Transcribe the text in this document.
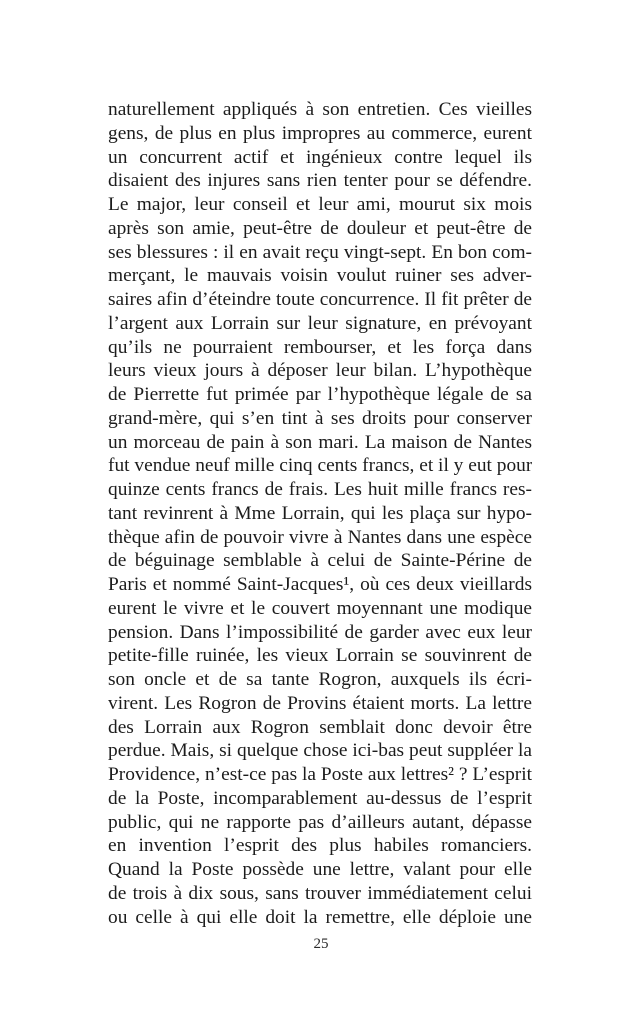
naturellement appliqués à son entretien. Ces vieilles
gens, de plus en plus impropres au commerce, eurent
un concurrent actif et ingénieux contre lequel ils
disaient des injures sans rien tenter pour se défendre.
Le major, leur conseil et leur ami, mourut six mois
après son amie, peut-être de douleur et peut-être de
ses blessures : il en avait reçu vingt-sept. En bon com-
merçant, le mauvais voisin voulut ruiner ses adver-
saires afin d’éteindre toute concurrence. Il fit prêter de
l’argent aux Lorrain sur leur signature, en prévoyant
qu’ils ne pourraient rembourser, et les força dans
leurs vieux jours à déposer leur bilan. L’hypothèque
de Pierrette fut primée par l’hypothèque légale de sa
grand-mère, qui s’en tint à ses droits pour conserver
un morceau de pain à son mari. La maison de Nantes
fut vendue neuf mille cinq cents francs, et il y eut pour
quinze cents francs de frais. Les huit mille francs res-
tant revinrent à Mme Lorrain, qui les plaça sur hypo-
thèque afin de pouvoir vivre à Nantes dans une espèce
de béguinage semblable à celui de Sainte-Périne de
Paris et nommé Saint-Jacques¹, où ces deux vieillards
eurent le vivre et le couvert moyennant une modique
pension. Dans l’impossibilité de garder avec eux leur
petite-fille ruinée, les vieux Lorrain se souvinrent de
son oncle et de sa tante Rogron, auxquels ils écri-
virent. Les Rogron de Provins étaient morts. La lettre
des Lorrain aux Rogron semblait donc devoir être
perdue. Mais, si quelque chose ici-bas peut suppléer la
Providence, n’est-ce pas la Poste aux lettres² ? L’esprit
de la Poste, incomparablement au-dessus de l’esprit
public, qui ne rapporte pas d’ailleurs autant, dépasse
en invention l’esprit des plus habiles romanciers.
Quand la Poste possède une lettre, valant pour elle
de trois à dix sous, sans trouver immédiatement celui
ou celle à qui elle doit la remettre, elle déploie une
25
